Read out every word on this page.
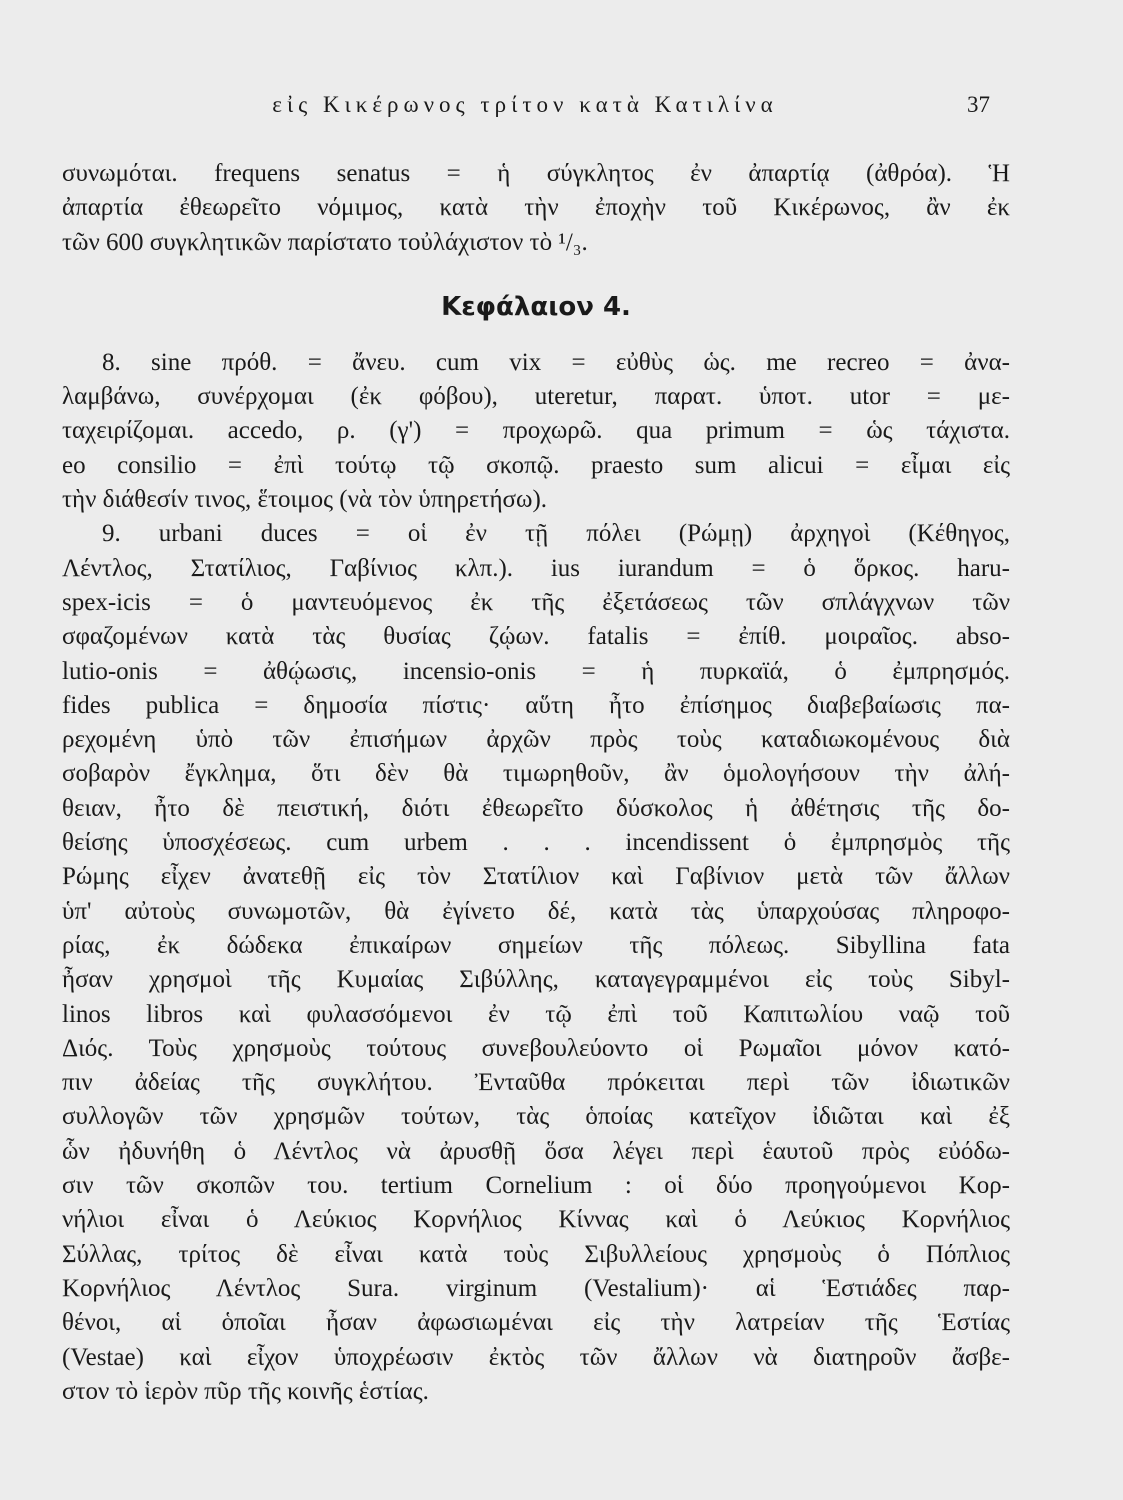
εἰς Κικέρωνος τρίτον κατὰ Κατιλίνα	37
συνωμόται. frequens senatus = ἡ σύγκλητος ἐν ἀπαρτίᾳ (ἀθρόα). Ἡ
ἀπαρτία ἐθεωρεῖτο νόμιμος, κατὰ τὴν ἐποχὴν τοῦ Κικέρωνος, ἂν ἐκ
τῶν 600 συγκλητικῶν παρίστατο τοὐλάχιστον τὸ ¹/₃.
Κεφάλαιον 4.
8. sine πρόθ. = ἄνευ. cum vix = εὐθὺς ὡς. me recreo = ἀνα-
λαμβάνω, συνέρχομαι (ἐκ φόβου), uteretur, παρατ. ὑποτ. utor = με-
ταχειρίζομαι. accedo, ρ. (γ') = προχωρῶ. qua primum = ὡς τάχιστα.
eo consilio = ἐπὶ τούτῳ τῷ σκοπῷ. praesto sum alicui = εἶμαι εἰς
τὴν διάθεσίν τινος, ἕτοιμος (νὰ τὸν ὑπηρετήσω).
9. urbani duces = οἱ ἐν τῇ πόλει (Ρώμῃ) ἀρχηγοὶ (Κέθηγος,
Λέντλος, Στατίλιος, Γαβίνιος κλπ.). ius iurandum = ὁ ὅρκος. haru-
spex-icis = ὁ μαντευόμενος ἐκ τῆς ἐξετάσεως τῶν σπλάγχνων τῶν
σφαζομένων κατὰ τὰς θυσίας ζῴων. fatalis = ἐπίθ. μοιραῖος. abso-
lutio-onis = ἀθῴωσις, incensio-onis = ἡ πυρκαϊά, ὁ ἐμπρησμός.
fides publica = δημοσία πίστις· αὕτη ἦτο ἐπίσημος διαβεβαίωσις πα-
ρεχομένη ὑπὸ τῶν ἐπισήμων ἀρχῶν πρὸς τοὺς καταδιωκομένους διὰ
σοβαρὸν ἔγκλημα, ὅτι δὲν θὰ τιμωρηθοῦν, ἂν ὁμολογήσουν τὴν ἀλή-
θειαν, ἦτο δὲ πειστική, διότι ἐθεωρεῖτο δύσκολος ἡ ἀθέτησις τῆς δο-
θείσης ὑποσχέσεως. cum urbem . . . incendissent ὁ ἐμπρησμὸς τῆς
Ρώμης εἶχεν ἀνατεθῇ εἰς τὸν Στατίλιον καὶ Γαβίνιον μετὰ τῶν ἄλλων
ὑπ' αὐτοὺς συνωμοτῶν, θὰ ἐγίνετο δέ, κατὰ τὰς ὑπαρχούσας πληροφο-
ρίας, ἐκ δώδεκα ἐπικαίρων σημείων τῆς πόλεως. Sibyllina fata
ἦσαν χρησμοὶ τῆς Κυμαίας Σιβύλλης, καταγεγραμμένοι εἰς τοὺς Sibyl-
linos libros καὶ φυλασσόμενοι ἐν τῷ ἐπὶ τοῦ Καπιτωλίου ναῷ τοῦ
Διός. Τοὺς χρησμοὺς τούτους συνεβουλεύοντο οἱ Ρωμαῖοι μόνον κατό-
πιν ἀδείας τῆς συγκλήτου. Ἐνταῦθα πρόκειται περὶ τῶν ἰδιωτικῶν
συλλογῶν τῶν χρησμῶν τούτων, τὰς ὁποίας κατεῖχον ἰδιῶται καὶ ἐξ
ὧν ἠδυνήθη ὁ Λέντλος νὰ ἀρυσθῇ ὅσα λέγει περὶ ἑαυτοῦ πρὸς εὐόδω-
σιν τῶν σκοπῶν του. tertium Cornelium : οἱ δύο προηγούμενοι Κορ-
νήλιοι εἶναι ὁ Λεύκιος Κορνήλιος Κίννας καὶ ὁ Λεύκιος Κορνήλιος
Σύλλας, τρίτος δὲ εἶναι κατὰ τοὺς Σιβυλλείους χρησμοὺς ὁ Πόπλιος
Κορνήλιος Λέντλος Sura. virginum (Vestalium)· αἱ Ἑστιάδες παρ-
θένοι, αἱ ὁποῖαι ἦσαν ἀφωσιωμέναι εἰς τὴν λατρείαν τῆς Ἑστίας
(Vestae) καὶ εἶχον ὑποχρέωσιν ἐκτὸς τῶν ἄλλων νὰ διατηροῦν ἄσβε-
στον τὸ ἱερὸν πῦρ τῆς κοινῆς ἑστίας.
